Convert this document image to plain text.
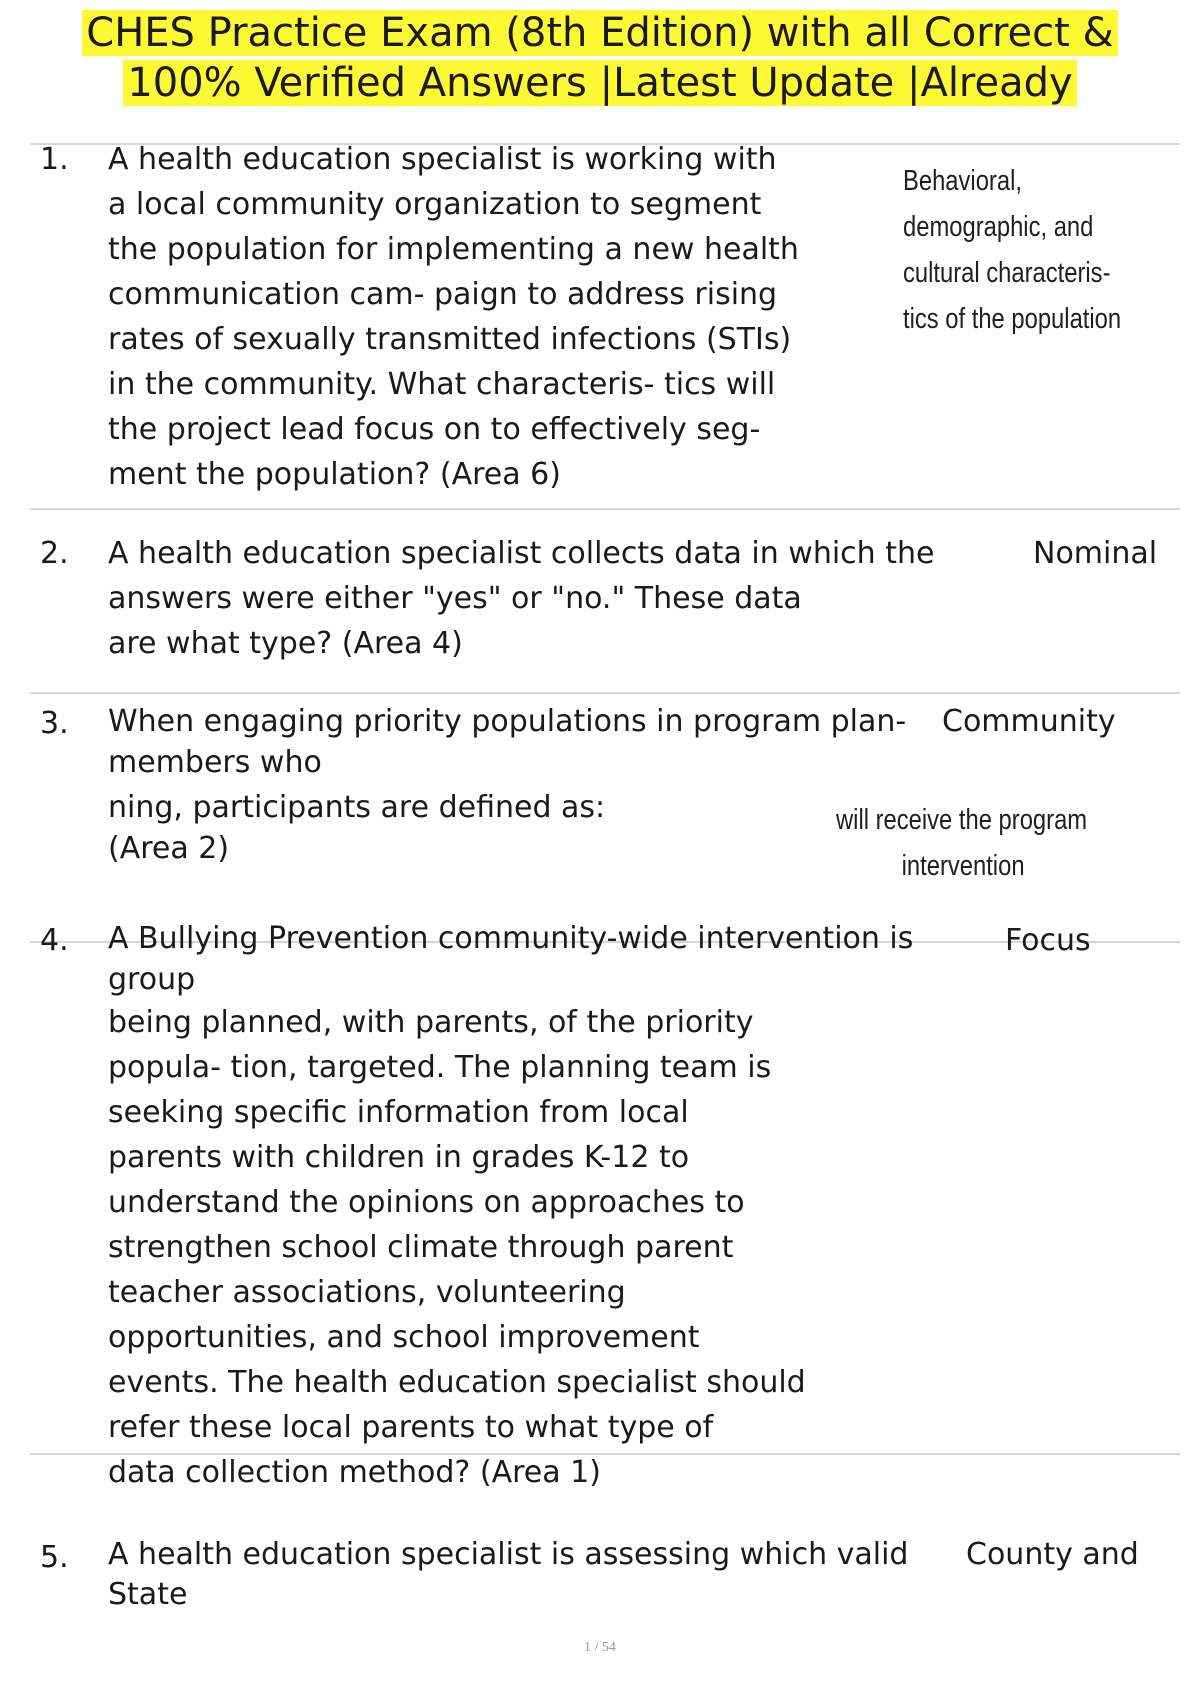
CHES Practice Exam (8th Edition) with all Correct &
100% Verified Answers |Latest Update |Already
1. A health education specialist is working with
a local community organization to segment
the population for implementing a new health
communication cam- paign to address rising
rates of sexually transmitted infections (STIs)
in the community. What characteris- tics will
the project lead focus on to effectively seg-
ment the population? (Area 6)
Behavioral,
demographic, and
cultural characteris-
tics of the population
2. A health education specialist collects data in which the
answers were either "yes" or "no." These data
are what type? (Area 4)
Nominal
3. When engaging priority populations in program plan-
members who
ning, participants are defined as:
(Area 2)
Community
will receive the program
intervention
4. A Bullying Prevention community-wide intervention is
group
being planned, with parents, of the priority
popula- tion, targeted. The planning team is
seeking specific information from local
parents with children in grades K-12 to
understand the opinions on approaches to
strengthen school climate through parent
teacher associations, volunteering
opportunities, and school improvement
events. The health education specialist should
refer these local parents to what type of
data collection method? (Area 1)
Focus
5. A health education specialist is assessing which valid
State
County and
1 / 54
